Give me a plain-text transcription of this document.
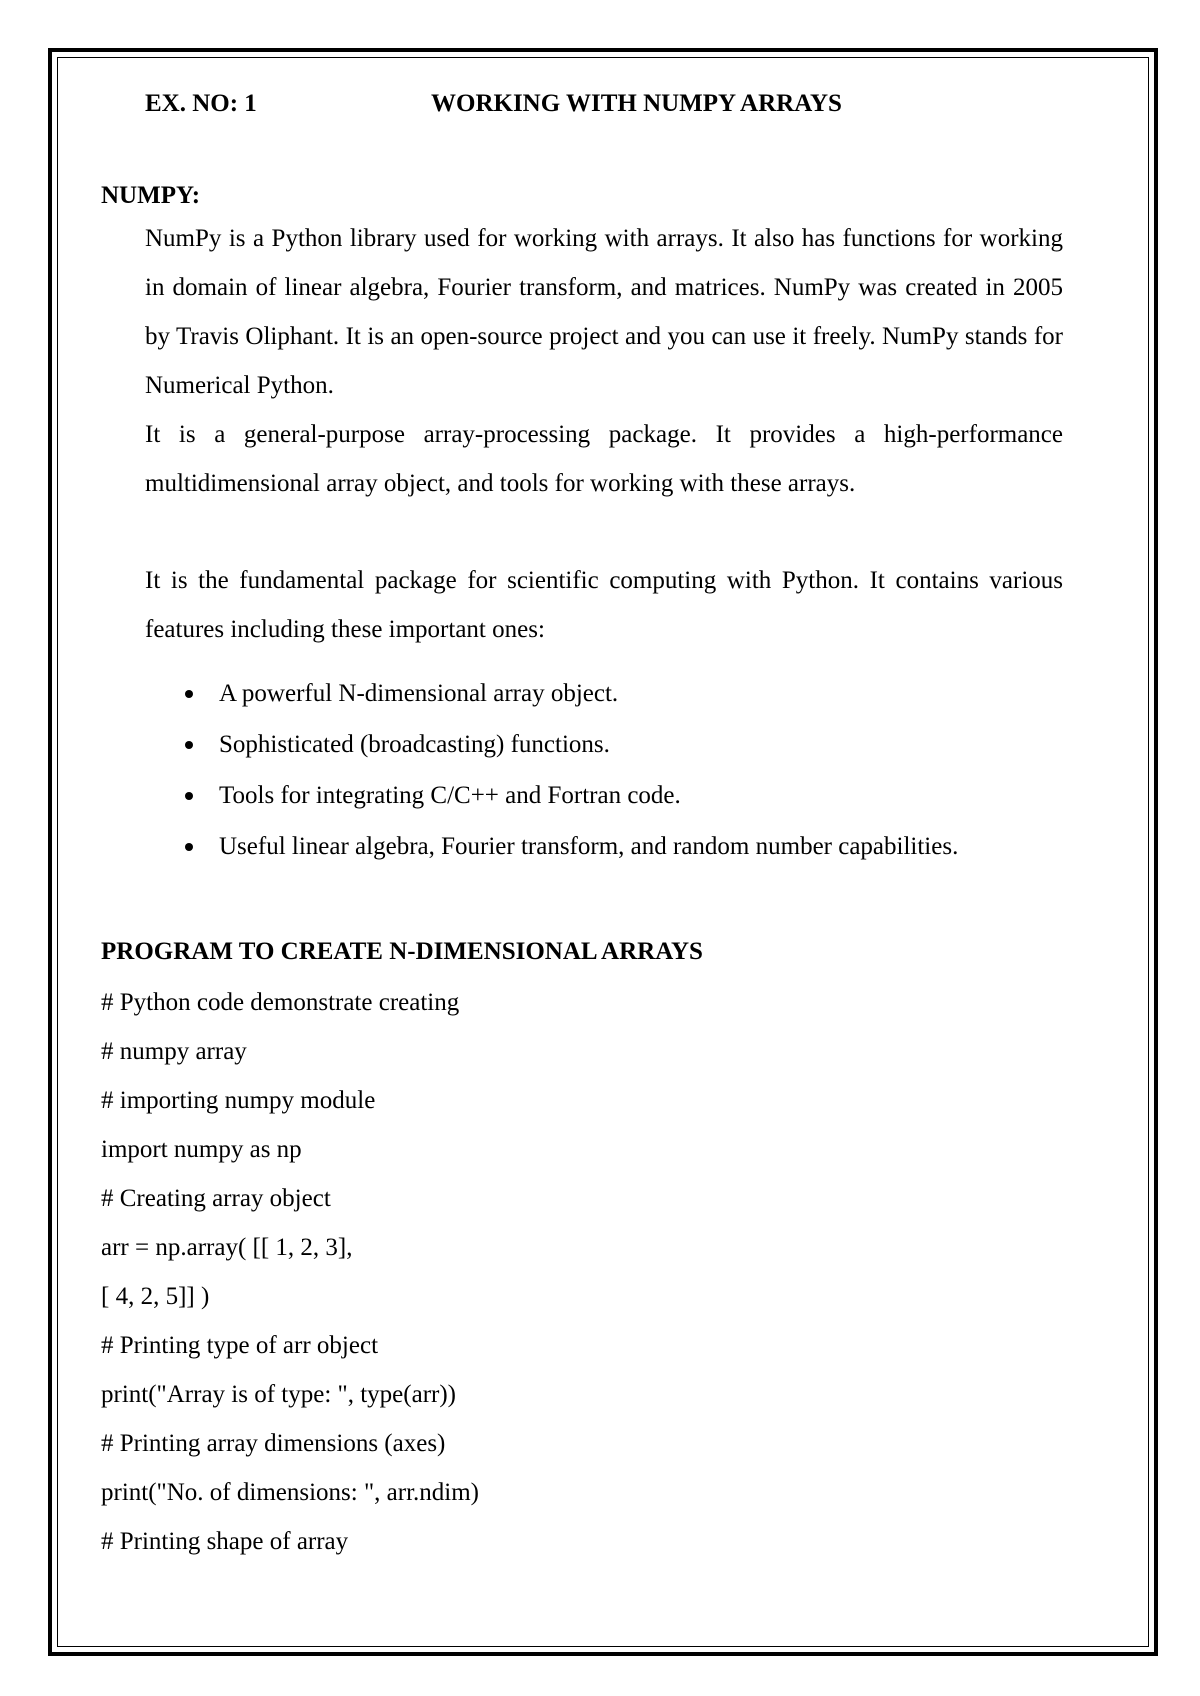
EX. NO: 1	WORKING WITH NUMPY ARRAYS
NUMPY:
NumPy is a Python library used for working with arrays. It also has functions for working in domain of linear algebra, Fourier transform, and matrices. NumPy was created in 2005 by Travis Oliphant. It is an open-source project and you can use it freely. NumPy stands for Numerical Python.
It is a general-purpose array-processing package. It provides a high-performance multidimensional array object, and tools for working with these arrays.
It is the fundamental package for scientific computing with Python. It contains various features including these important ones:
A powerful N-dimensional array object.
Sophisticated (broadcasting) functions.
Tools for integrating C/C++ and Fortran code.
Useful linear algebra, Fourier transform, and random number capabilities.
PROGRAM TO CREATE N-DIMENSIONAL ARRAYS
# Python code demonstrate creating
# numpy array
# importing numpy module
import numpy as np
# Creating array object
arr = np.array( [[ 1, 2, 3],
[ 4, 2, 5]] )
# Printing type of arr object
print("Array is of type: ", type(arr))
# Printing array dimensions (axes)
print("No. of dimensions: ", arr.ndim)
# Printing shape of array
